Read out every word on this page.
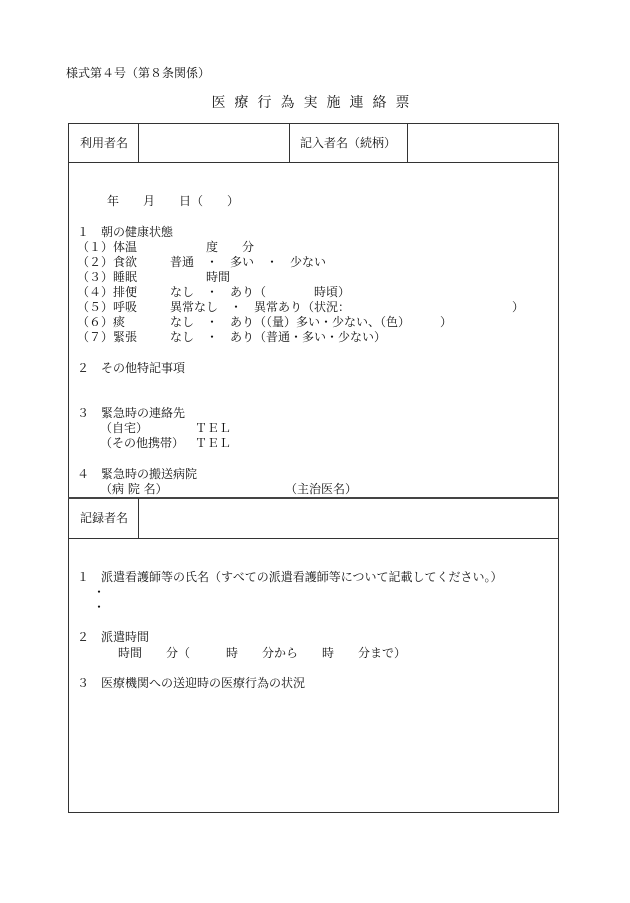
様式第４号（第８条関係）
医療行為実施連絡票
利用者名	記入者名（続柄）
年　　月　　日（　　）
１　朝の健康状態
（１）体温	度　　分
（２）食欲	普通　・　多い　・　少ない
（３）睡眠	時間
（４）排便	なし　・　あり（　　　　時頃）
（５）呼吸	異常なし　・　異常あり（状況：　　　　　　　　　　　　　　）
（６）痰	なし　・　あり（（量）多い・少ない、（色）　　　）
（７）緊張	なし　・　あり（普通・多い・少ない）
２　その他特記事項
３　緊急時の連絡先
（自宅）	ＴＥＬ
（その他携帯） ＴＥＬ
４　緊急時の搬送病院
（病 院 名）	（主治医名）
記録者名
１　派遣看護師等の氏名（すべての派遣看護師等について記載してください。）
・
・
２　派遣時間
時間　　分（　　　時　　分から　　時　　分まで）
３　医療機関への送迎時の医療行為の状況
